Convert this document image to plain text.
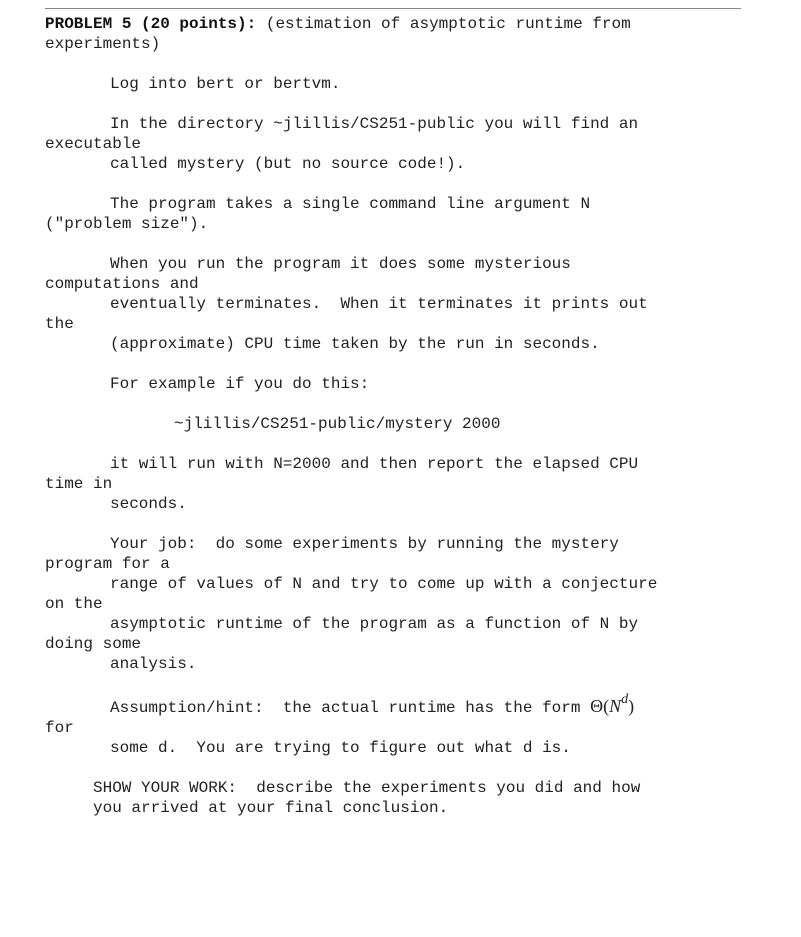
PROBLEM 5 (20 points): (estimation of asymptotic runtime from
experiments)
Log into bert or bertvm.
In the directory ~jlillis/CS251-public you will find an
executable
called mystery (but no source code!).
The program takes a single command line argument N
("problem size").
When you run the program it does some mysterious
computations and
eventually terminates.  When it terminates it prints out
the
(approximate) CPU time taken by the run in seconds.
For example if you do this:
~jlillis/CS251-public/mystery 2000
it will run with N=2000 and then report the elapsed CPU
time in
seconds.
Your job:  do some experiments by running the mystery
program for a
range of values of N and try to come up with a conjecture
on the
asymptotic runtime of the program as a function of N by
doing some
analysis.
Assumption/hint:  the actual runtime has the form $\Theta(N^d)$
for
some d.  You are trying to figure out what d is.
SHOW YOUR WORK:  describe the experiments you did and how
you arrived at your final conclusion.
